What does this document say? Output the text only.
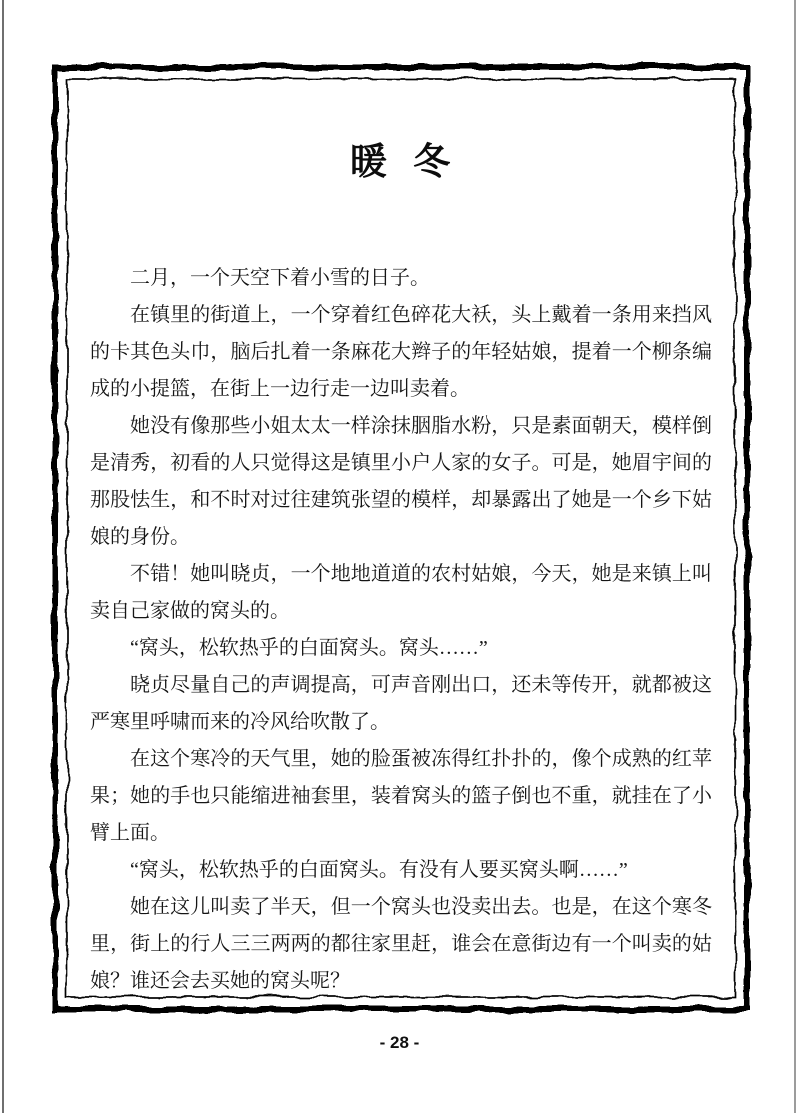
暖 冬

二月，一个天空下着小雪的日子。

在镇里的街道上，一个穿着红色碎花大袄，头上戴着一条用来挡风的卡其色头巾，脑后扎着一条麻花大辫子的年轻姑娘，提着一个柳条编成的小提篮，在街上一边行走一边叫卖着。

她没有像那些小姐太太一样涂抹胭脂水粉，只是素面朝天，模样倒是清秀，初看的人只觉得这是镇里小户人家的女子。可是，她眉宇间的那股怯生，和不时对过往建筑张望的模样，却暴露出了她是一个乡下姑娘的身份。

不错！她叫晓贞，一个地地道道的农村姑娘，今天，她是来镇上叫卖自己家做的窝头的。

“窝头，松软热乎的白面窝头。窝头……”

晓贞尽量自己的声调提高，可声音刚出口，还未等传开，就都被这严寒里呼啸而来的冷风给吹散了。

在这个寒冷的天气里，她的脸蛋被冻得红扑扑的，像个成熟的红苹果；她的手也只能缩进袖套里，装着窝头的篮子倒也不重，就挂在了小臂上面。

“窝头，松软热乎的白面窝头。有没有人要买窝头啊……”

她在这儿叫卖了半天，但一个窝头也没卖出去。也是，在这个寒冬里，街上的行人三三两两的都往家里赶，谁会在意街边有一个叫卖的姑娘？谁还会去买她的窝头呢？

- 28 -
